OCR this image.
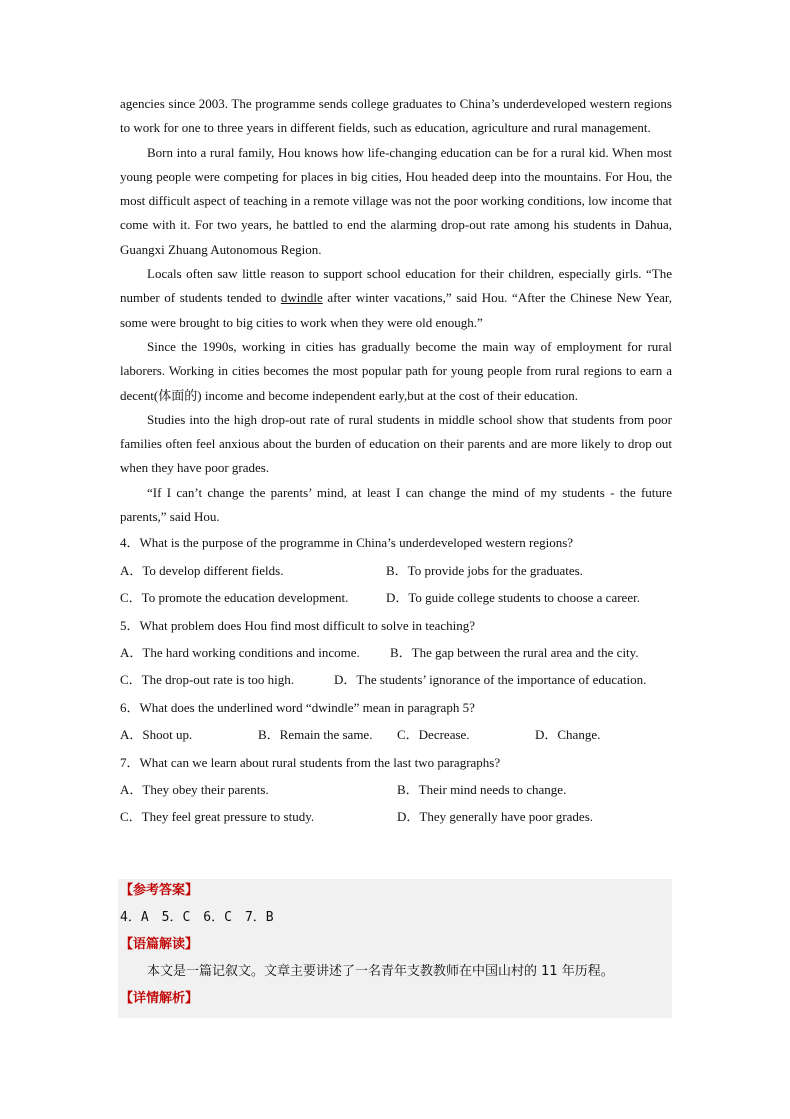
agencies since 2003. The programme sends college graduates to China’s underdeveloped western regions to work for one to three years in different fields, such as education, agriculture and rural management.

Born into a rural family, Hou knows how life-changing education can be for a rural kid. When most young people were competing for places in big cities, Hou headed deep into the mountains. For Hou, the most difficult aspect of teaching in a remote village was not the poor working conditions, low income that come with it. For two years, he battled to end the alarming drop-out rate among his students in Dahua, Guangxi Zhuang Autonomous Region.

Locals often saw little reason to support school education for their children, especially girls. “The number of students tended to dwindle after winter vacations,” said Hou. “After the Chinese New Year, some were brought to big cities to work when they were old enough.”

Since the 1990s, working in cities has gradually become the main way of employment for rural laborers. Working in cities becomes the most popular path for young people from rural regions to earn a decent(体面的) income and become independent early,but at the cost of their education.

Studies into the high drop-out rate of rural students in middle school show that students from poor families often feel anxious about the burden of education on their parents and are more likely to drop out when they have poor grades.

“If I can’t change the parents’ mind, at least I can change the mind of my students - the future parents,” said Hou.

4．What is the purpose of the programme in China’s underdeveloped western regions?

A．To develop different fields.	B．To provide jobs for the graduates.
C．To promote the education development.	D．To guide college students to choose a career.

5．What problem does Hou find most difficult to solve in teaching?

A．The hard working conditions and income. B．The gap between the rural area and the city.
C．The drop-out rate is too high.	D．The students’ ignorance of the importance of education.

6．What does the underlined word “dwindle” mean in paragraph 5?

A．Shoot up.	B．Remain the same. C．Decrease.	D．Change.

7．What can we learn about rural students from the last two paragraphs?

A．They obey their parents.	B．Their mind needs to change.
C．They feel great pressure to study.	D．They generally have poor grades.
【参考答案】
4．A　5．C　6．C　7．B
【语篇解读】
本文是一篇记叙文。文章主要讲述了一名青年支教教师在中国山村的 11 年历程。
【详情解析】
